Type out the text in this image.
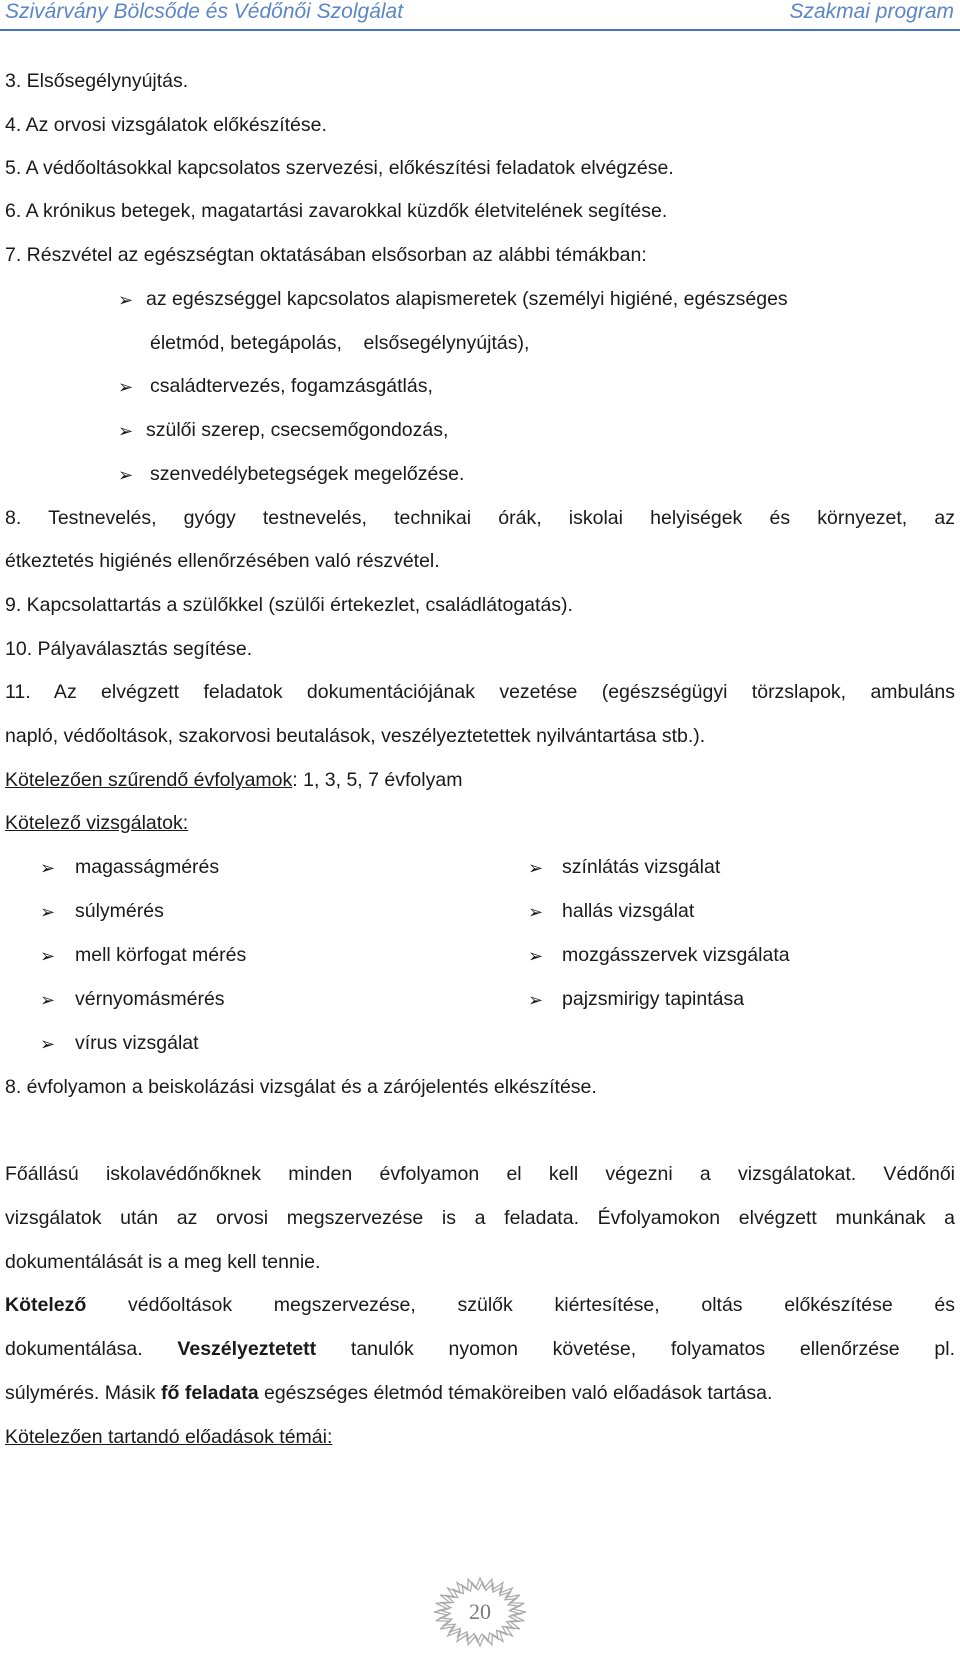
Szivárvány Bölcsőde és Védőnői Szolgálat	Szakmai program
3. Elsősegélynyújtás.
4. Az orvosi vizsgálatok előkészítése.
5. A védőoltásokkal kapcsolatos szervezési, előkészítési feladatok elvégzése.
6. A krónikus betegek, magatartási zavarokkal küzdők életvitelének segítése.
7. Részvétel az egészségtan oktatásában elsősorban az alábbi témákban:
➢ az egészséggel kapcsolatos alapismeretek (személyi higiéné, egészséges
életmód, betegápolás,    elsősegélynyújtás),
➢ családtervezés, fogamzásgátlás,
➢ szülői szerep, csecsemőgondozás,
➢ szenvedélybetegségek megelőzése.
8. Testnevelés, gyógy testnevelés, technikai órák, iskolai helyiségek és környezet, az
étkeztetés higiénés ellenőrzésében való részvétel.
9. Kapcsolattartás a szülőkkel (szülői értekezlet, családlátogatás).
10. Pályaválasztás segítése.
11. Az elvégzett feladatok dokumentációjának vezetése (egészségügyi törzslapok, ambuláns
napló, védőoltások, szakorvosi beutalások, veszélyeztetettek nyilvántartása stb.).
Kötelezően szűrendő évfolyamok: 1, 3, 5, 7 évfolyam
Kötelező vizsgálatok:
➢ magasságmérés
➢ súlymérés
➢ mell körfogat mérés
➢ vérnyomásmérés
➢ vírus vizsgálat
➢ színlátás vizsgálat
➢ hallás vizsgálat
➢ mozgásszervek vizsgálata
➢ pajzsmirigy tapintása
8. évfolyamon a beiskolázási vizsgálat és a zárójelentés elkészítése.
Főállású iskolavédőnőknek minden évfolyamon el kell végezni a vizsgálatokat. Védőnői
vizsgálatok után az orvosi megszervezése is a feladata. Évfolyamokon elvégzett munkának a
dokumentálását is a meg kell tennie.
Kötelező védőoltások megszervezése, szülők kiértesítése, oltás előkészítése és
dokumentálása. Veszélyeztetett tanulók nyomon követése, folyamatos ellenőrzése pl.
súlymérés. Másik fő feladata egészséges életmód témaköreiben való előadások tartása.
Kötelezően tartandó előadások témái:
20
